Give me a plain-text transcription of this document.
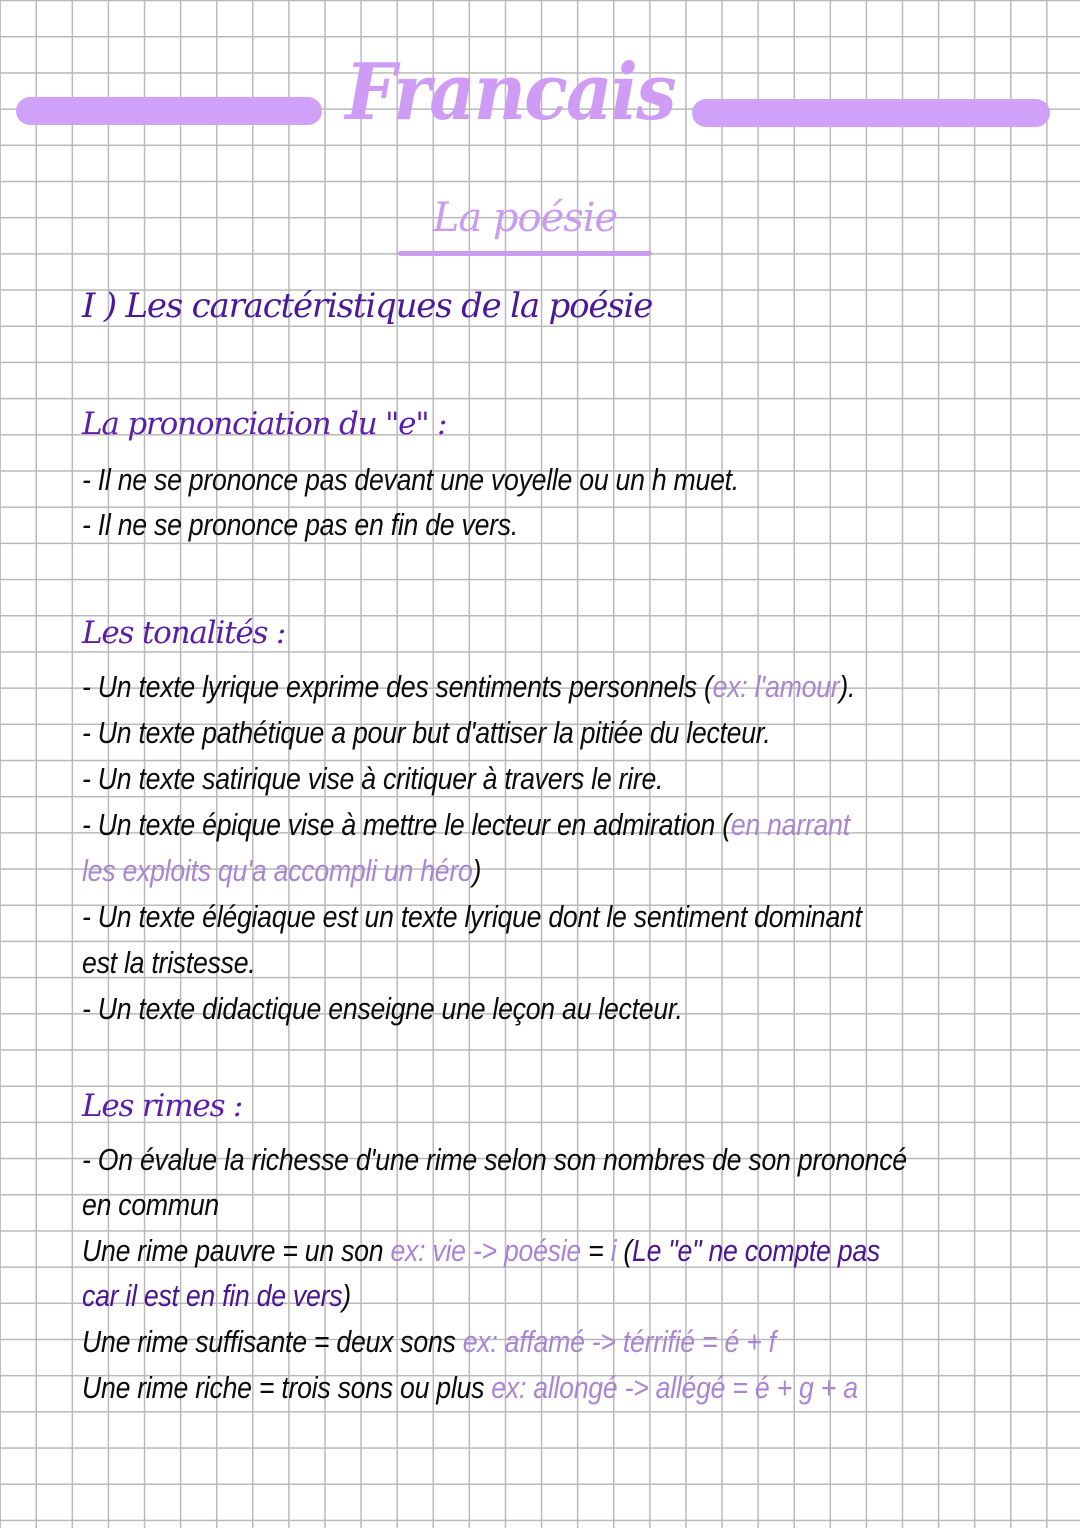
Francais
La poésie
I ) Les caractéristiques de la poésie
La prononciation du "e" :
- Il ne se prononce pas devant une voyelle ou un h muet.
- Il ne se prononce pas en fin de vers.
Les tonalités :
- Un texte lyrique exprime des sentiments personnels (ex: l'amour).
- Un texte pathétique a pour but d'attiser la pitiée du lecteur.
- Un texte satirique vise à critiquer à travers le rire.
- Un texte épique vise à mettre le lecteur en admiration (en narrant
les exploits qu'a accompli un héro)
- Un texte élégiaque est un texte lyrique dont le sentiment dominant
est la tristesse.
- Un texte didactique enseigne une leçon au lecteur.
Les rimes :
- On évalue la richesse d'une rime selon son nombres de son prononcé
en commun
Une rime pauvre = un son ex: vie -> poésie = i (Le "e" ne compte pas
car il est en fin de vers)
Une rime suffisante = deux sons ex: affamé -> térrifié = é + f
Une rime riche = trois sons ou plus ex: allongé -> allégé = é + g + a
